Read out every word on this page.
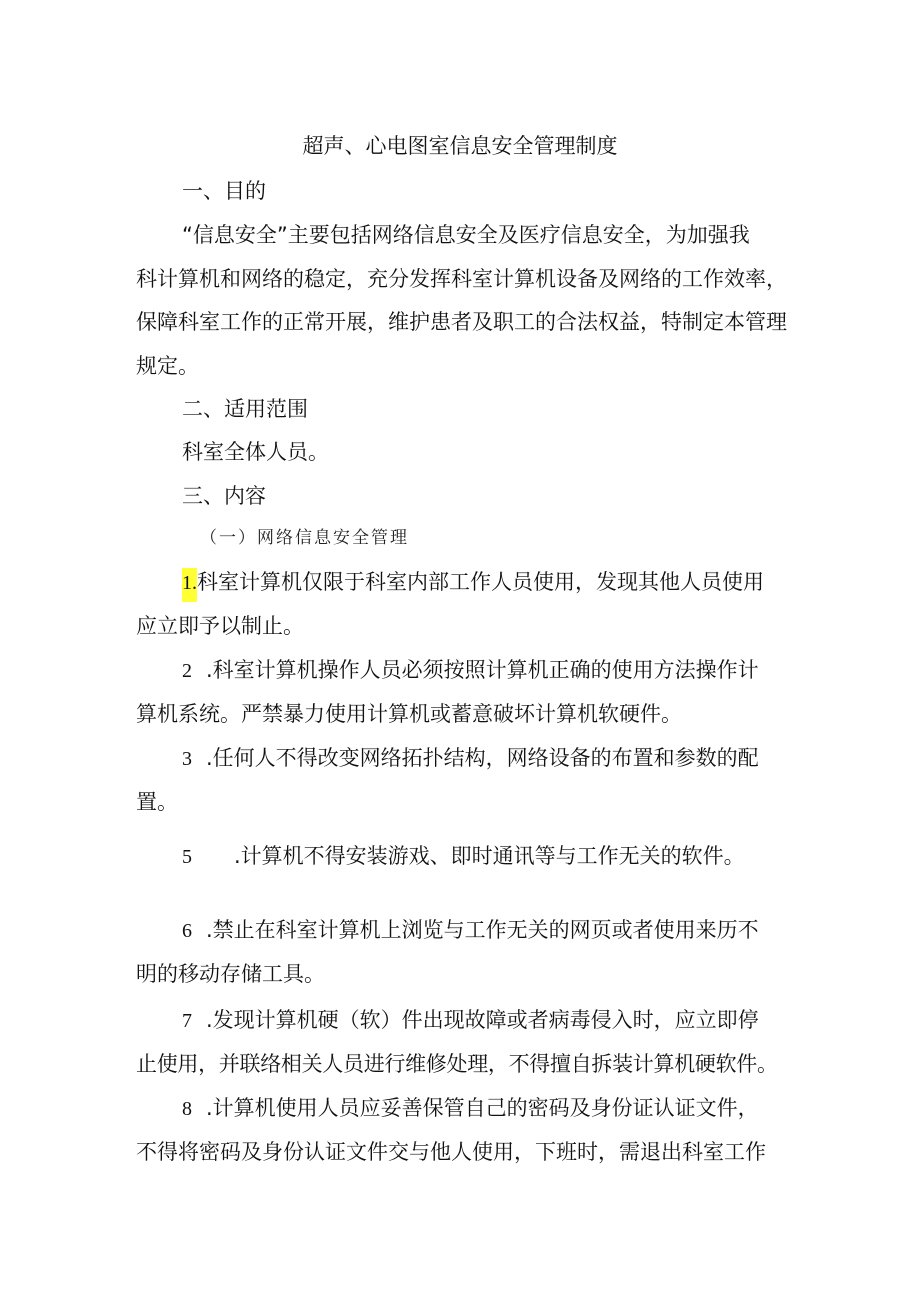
超声、心电图室信息安全管理制度
一、目的
“信息安全”主要包括网络信息安全及医疗信息安全，为加强我
科计算机和网络的稳定，充分发挥科室计算机设备及网络的工作效率，
保障科室工作的正常开展，维护患者及职工的合法权益，特制定本管理
规定。
二、适用范围
科室全体人员。
三、内容
（一）网络信息安全管理
1.科室计算机仅限于科室内部工作人员使用，发现其他人员使用
应立即予以制止。
2 .科室计算机操作人员必须按照计算机正确的使用方法操作计
算机系统。严禁暴力使用计算机或蓄意破坏计算机软硬件。
3 .任何人不得改变网络拓扑结构，网络设备的布置和参数的配
置。
5 .计算机不得安装游戏、即时通讯等与工作无关的软件。
6 .禁止在科室计算机上浏览与工作无关的网页或者使用来历不
明的移动存储工具。
7 .发现计算机硬（软）件出现故障或者病毒侵入时，应立即停
止使用，并联络相关人员进行维修处理，不得擅自拆装计算机硬软件。
8 .计算机使用人员应妥善保管自己的密码及身份证认证文件，
不得将密码及身份认证文件交与他人使用，下班时，需退出科室工作
